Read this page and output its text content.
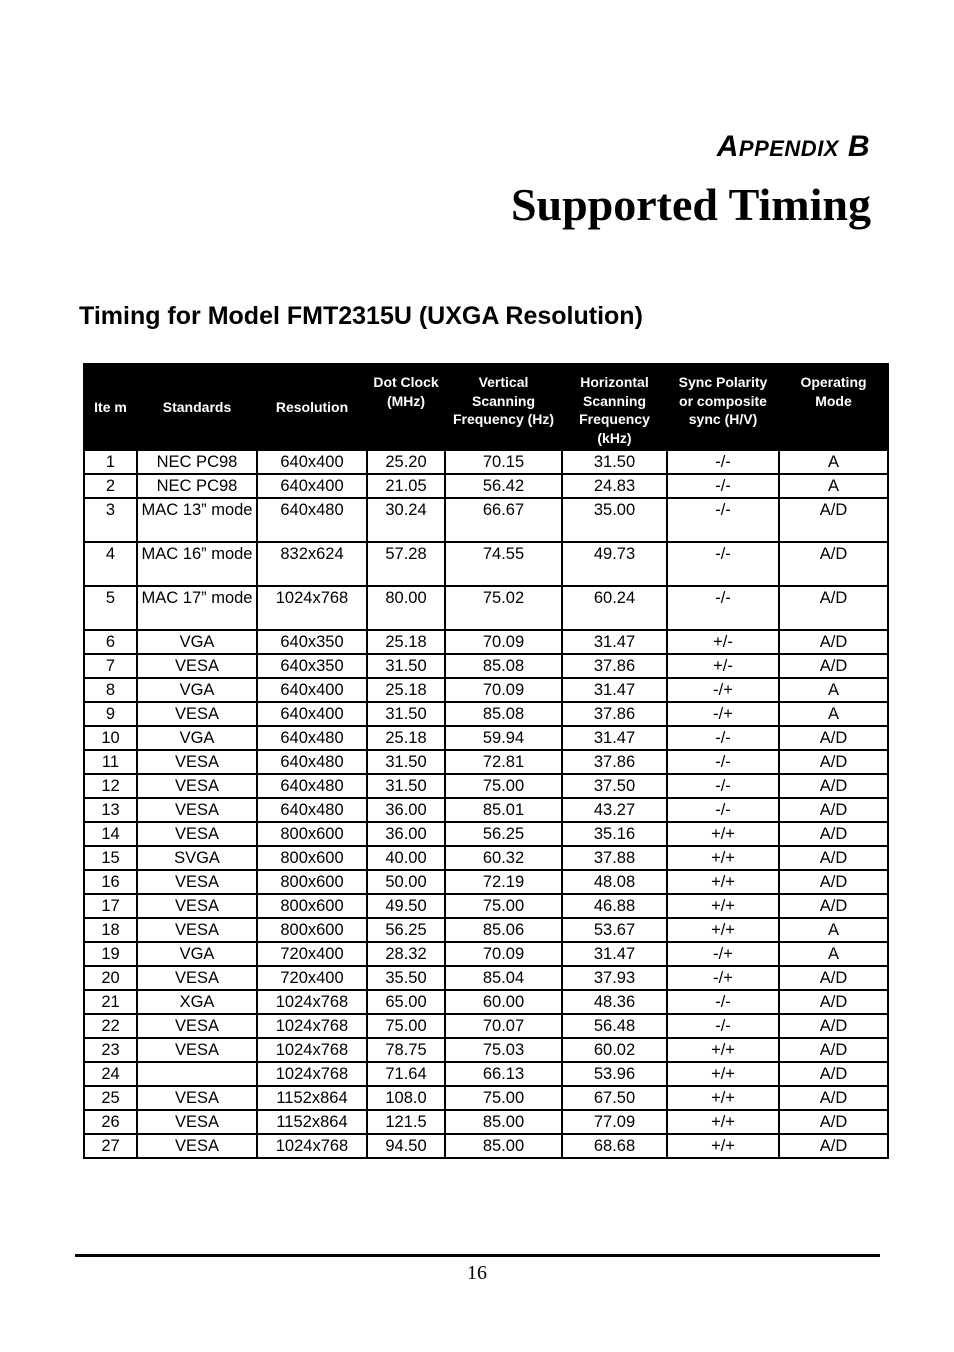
APPENDIX B
Supported Timing
Timing for Model FMT2315U (UXGA Resolution)
Ite m	Standards	Resolution	Dot Clock (MHz)	Vertical Scanning Frequency (Hz)	Horizontal Scanning Frequency (kHz)	Sync Polarity or composite sync (H/V)	Operating Mode
1	NEC PC98	640x400	25.20	70.15	31.50	-/-	A
2	NEC PC98	640x400	21.05	56.42	24.83	-/-	A
3	MAC 13” mode	640x480	30.24	66.67	35.00	-/-	A/D
4	MAC 16” mode	832x624	57.28	74.55	49.73	-/-	A/D
5	MAC 17” mode	1024x768	80.00	75.02	60.24	-/-	A/D
6	VGA	640x350	25.18	70.09	31.47	+/-	A/D
7	VESA	640x350	31.50	85.08	37.86	+/-	A/D
8	VGA	640x400	25.18	70.09	31.47	-/+	A
9	VESA	640x400	31.50	85.08	37.86	-/+	A
10	VGA	640x480	25.18	59.94	31.47	-/-	A/D
11	VESA	640x480	31.50	72.81	37.86	-/-	A/D
12	VESA	640x480	31.50	75.00	37.50	-/-	A/D
13	VESA	640x480	36.00	85.01	43.27	-/-	A/D
14	VESA	800x600	36.00	56.25	35.16	+/+	A/D
15	SVGA	800x600	40.00	60.32	37.88	+/+	A/D
16	VESA	800x600	50.00	72.19	48.08	+/+	A/D
17	VESA	800x600	49.50	75.00	46.88	+/+	A/D
18	VESA	800x600	56.25	85.06	53.67	+/+	A
19	VGA	720x400	28.32	70.09	31.47	-/+	A
20	VESA	720x400	35.50	85.04	37.93	-/+	A/D
21	XGA	1024x768	65.00	60.00	48.36	-/-	A/D
22	VESA	1024x768	75.00	70.07	56.48	-/-	A/D
23	VESA	1024x768	78.75	75.03	60.02	+/+	A/D
24		1024x768	71.64	66.13	53.96	+/+	A/D
25	VESA	1152x864	108.0	75.00	67.50	+/+	A/D
26	VESA	1152x864	121.5	85.00	77.09	+/+	A/D
27	VESA	1024x768	94.50	85.00	68.68	+/+	A/D
16
